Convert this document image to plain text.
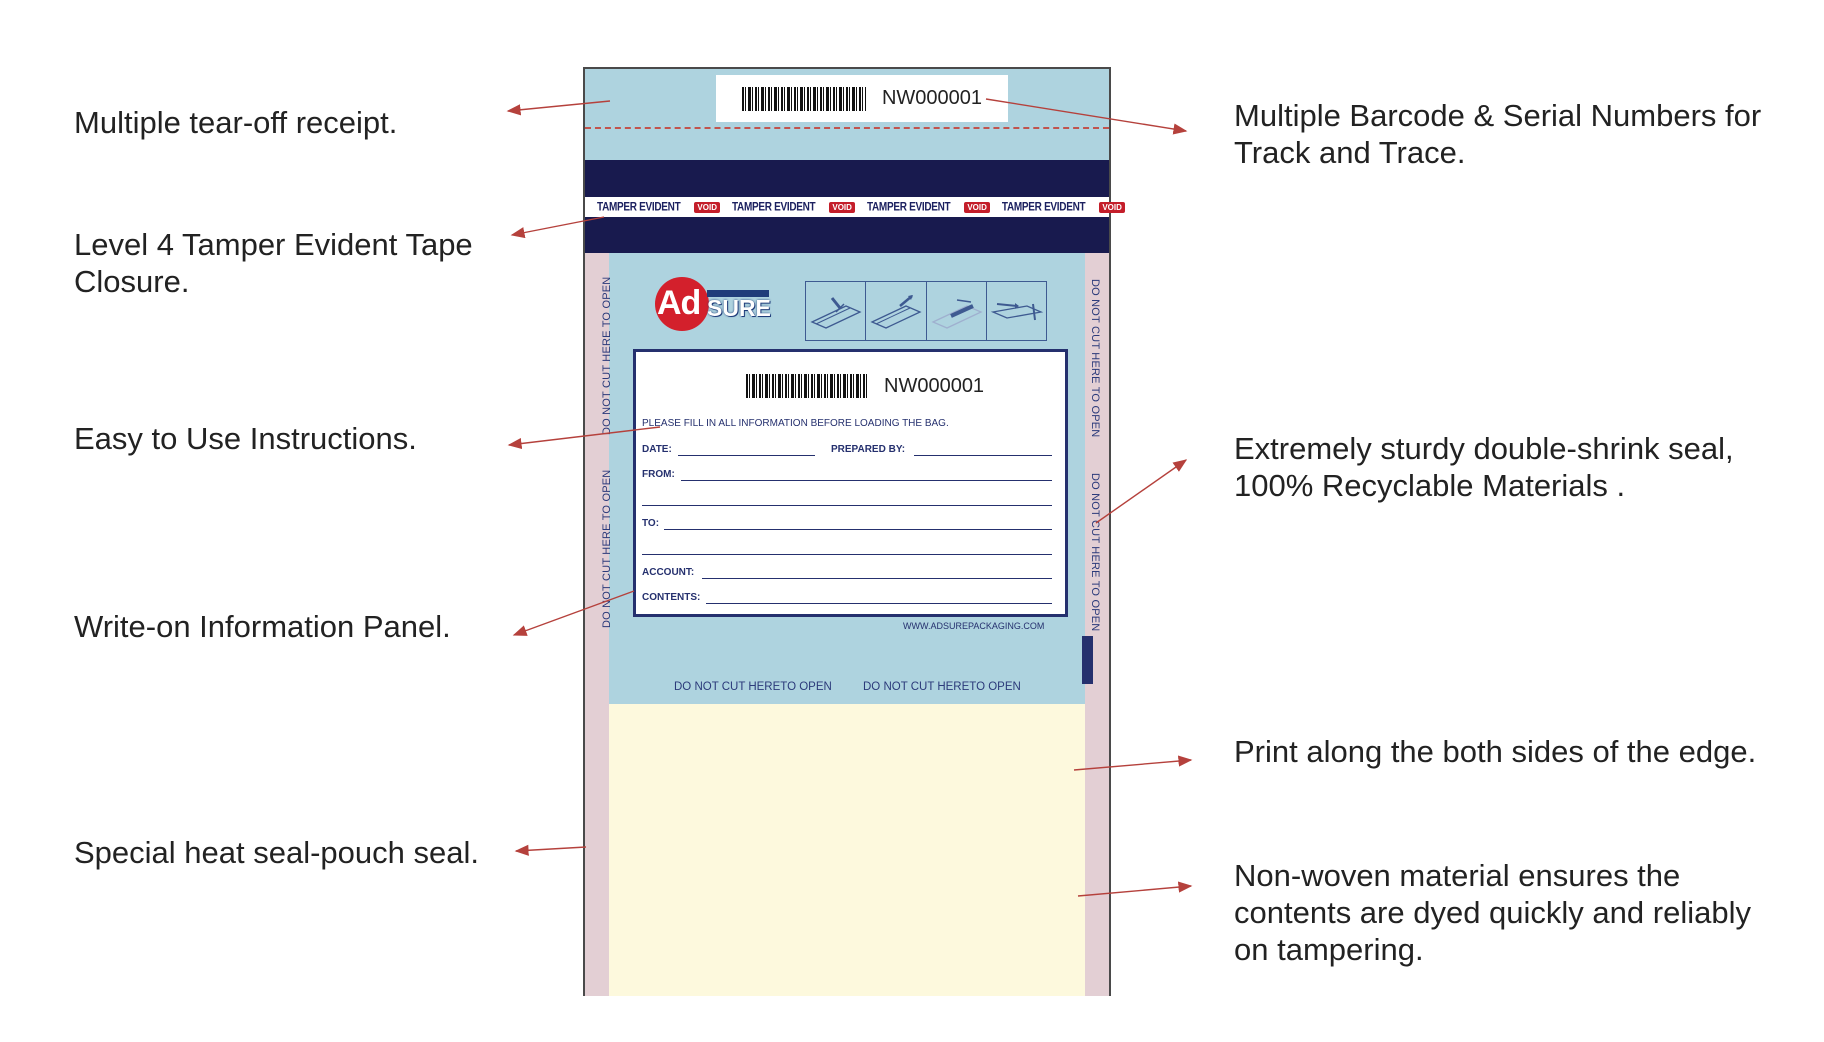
Multiple tear-off receipt.
Level 4 Tamper Evident Tape
Closure.
Easy to Use Instructions.
Write-on Information Panel.
Special heat seal-pouch seal.
Multiple Barcode & Serial Numbers for
Track and Trace.
Extremely sturdy double-shrink seal,
100% Recyclable Materials .
Print along the both sides of the edge.
Non-woven material ensures the
contents are dyed quickly and reliably
on tampering.
NW000001
TAMPER EVIDENT	VOID	TAMPER EVIDENT	VOID	TAMPER EVIDENT	VOID	TAMPER EVIDENT	VOID
DO NOT CUT HERE TO OPEN
DO NOT CUT HERE TO OPEN
DO NOT CUT HERE TO OPEN
DO NOT CUT HERE TO OPEN
Ad SURE
NW000001
PLEASE FILL IN ALL INFORMATION BEFORE LOADING THE BAG.
DATE:	PREPARED BY:
FROM:
TO:
ACCOUNT:
CONTENTS:
WWW.ADSUREPACKAGING.COM
DO NOT CUT HERETO OPEN	DO NOT CUT HERETO OPEN
